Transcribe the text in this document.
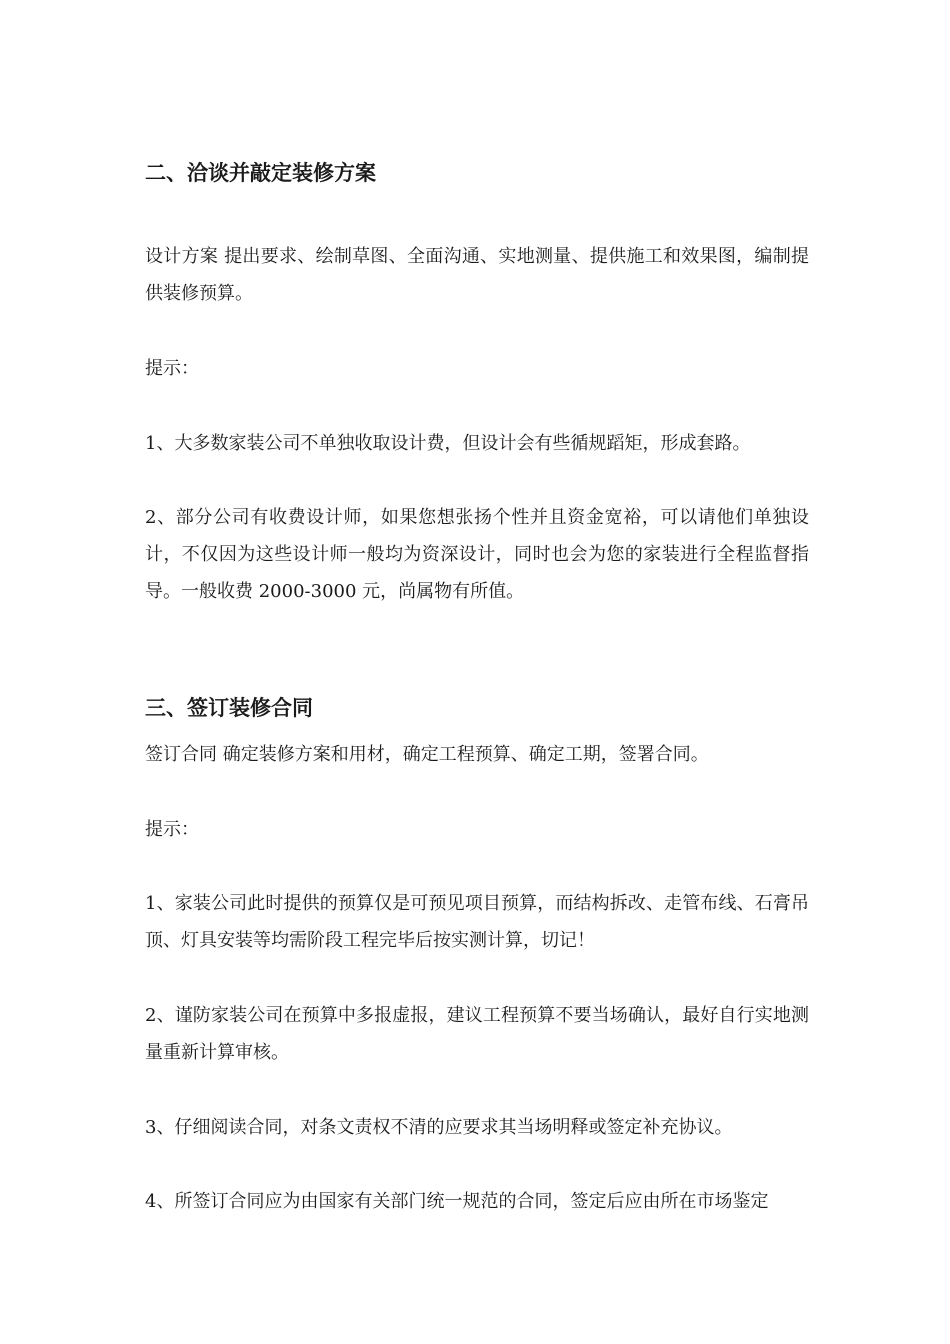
二、洽谈并敲定装修方案

设计方案 提出要求、绘制草图、全面沟通、实地测量、提供施工和效果图，编制提供装修预算。

提示：

1、大多数家装公司不单独收取设计费，但设计会有些循规蹈矩，形成套路。

2、部分公司有收费设计师，如果您想张扬个性并且资金宽裕，可以请他们单独设计，不仅因为这些设计师一般均为资深设计，同时也会为您的家装进行全程监督指导。一般收费 2000-3000 元，尚属物有所值。

三、签订装修合同

签订合同 确定装修方案和用材，确定工程预算、确定工期，签署合同。

提示：

1、家装公司此时提供的预算仅是可预见项目预算，而结构拆改、走管布线、石膏吊顶、灯具安装等均需阶段工程完毕后按实测计算，切记！

2、谨防家装公司在预算中多报虚报，建议工程预算不要当场确认，最好自行实地测量重新计算审核。

3、仔细阅读合同，对条文责权不清的应要求其当场明释或签定补充协议。

4、所签订合同应为由国家有关部门统一规范的合同，签定后应由所在市场鉴定
